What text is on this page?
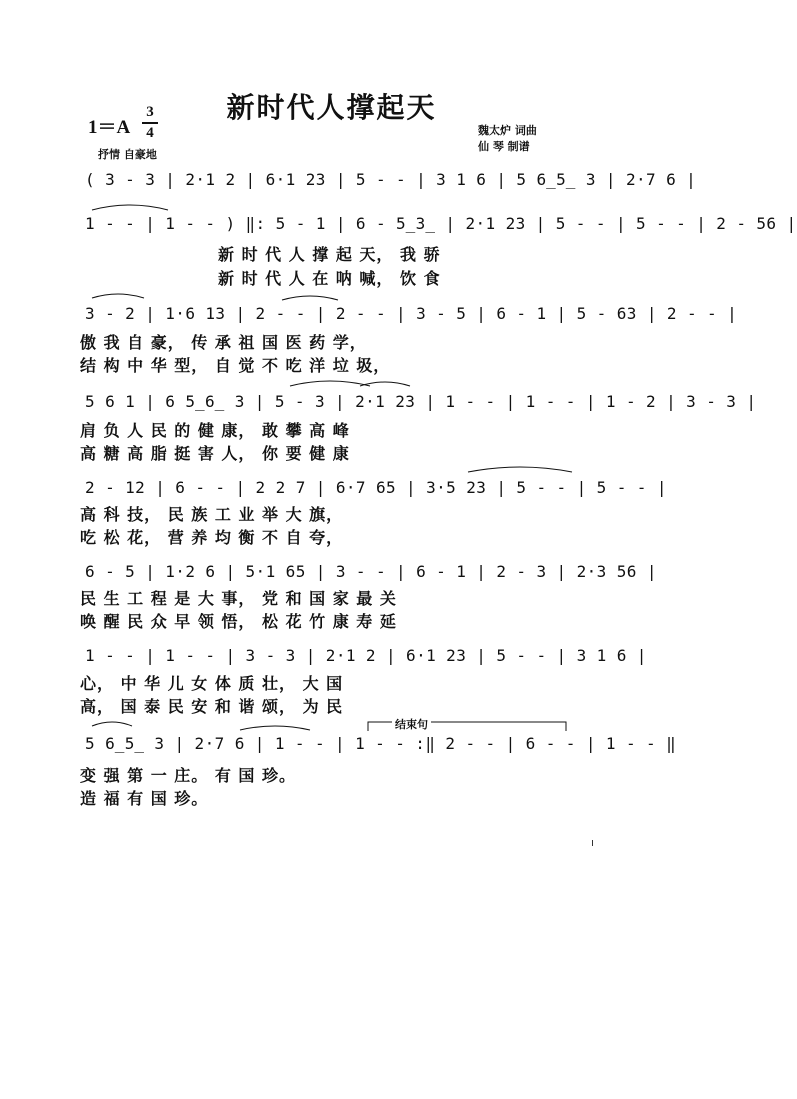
新时代人撑起天
1＝A
3
4
抒情 自豪地
魏太炉 词曲
仙 琴 制谱
( 3 - 3 | 2·1 2 | 6·1 23 | 5 - - | 3 1 6 | 5 6̲5̲ 3 | 2·7 6 |
1 - - | 1 - - ) ‖: 5 - 1 | 6 - 5̲3̲ | 2·1 23 | 5 - - | 5 - - | 2 - 56 |
新 时 代 人 撑 起 天， 我 骄
新 时 代 人 在 呐 喊， 饮 食
3 - 2 | 1·6 13 | 2 - - | 2 - - | 3 - 5 | 6 - 1 | 5 - 63 | 2 - - |
傲 我 自 豪， 传 承 祖 国 医 药 学，
结 构 中 华 型， 自 觉 不 吃 洋 垃 圾，
5 6 1 | 6 5̲6̲ 3 | 5 - 3 | 2·1 23 | 1 - - | 1 - - | 1 - 2 | 3 - 3 |
肩 负 人 民 的 健 康， 敢 攀 高 峰
高 糖 高 脂 挺 害 人， 你 要 健 康
2 - 12 | 6 - - | 2 2 7 | 6·7 65 | 3·5 23 | 5 - - | 5 - - |
高 科 技， 民 族 工 业 举 大 旗，
吃 松 花， 营 养 均 衡 不 自 夸，
6 - 5 | 1·2 6 | 5·1 65 | 3 - - | 6 - 1 | 2 - 3 | 2·3 56 |
民 生 工 程 是 大 事， 党 和 国 家 最 关
唤 醒 民 众 早 领 悟， 松 花 竹 康 寿 延
1 - - | 1 - - | 3 - 3 | 2·1 2 | 6·1 23 | 5 - - | 3 1 6 |
心， 中 华 儿 女 体 质 壮， 大 国
高， 国 泰 民 安 和 谐 颂， 为 民
结束句
5 6̲5̲ 3 | 2·7 6 | 1 - - | 1 - - :‖ 2 - - | 6 - - | 1 - - ‖
变 强 第 一 庄。 有 国 珍。
造 福 有 国 珍。
